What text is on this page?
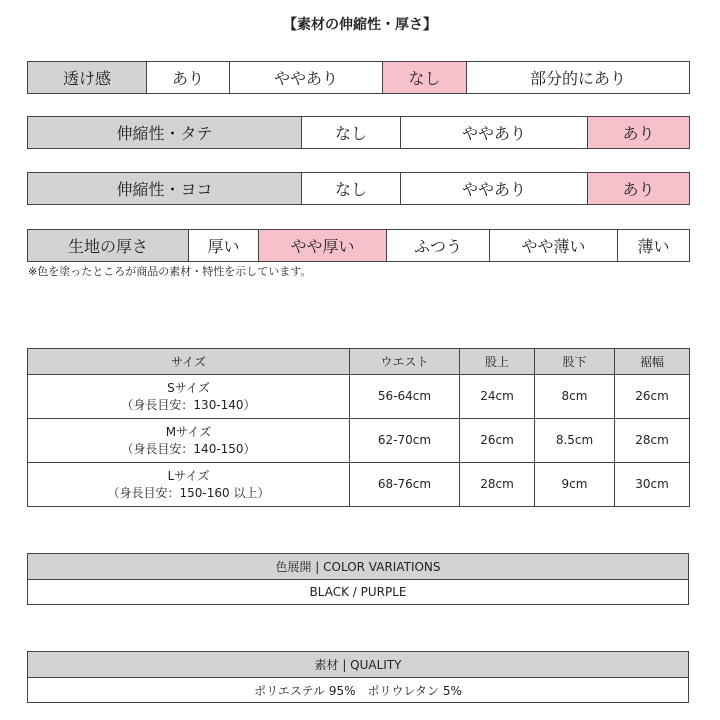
【素材の伸縮性・厚さ】
透け感	あり	ややあり	なし	部分的にあり
伸縮性・タテ	なし	ややあり	あり
伸縮性・ヨコ	なし	ややあり	あり
生地の厚さ	厚い	やや厚い	ふつう	やや薄い	薄い
※色を塗ったところが商品の素材・特性を示しています。
サイズ	ウエスト	股上	股下	裾幅

Sサイズ
（身長目安：130-140）	56-64cm	24cm	8cm	26cm

Mサイズ
（身長目安：140-150）	62-70cm	26cm	8.5cm	28cm

Lサイズ
（身長目安：150-160 以上）	68-76cm	28cm	9cm	30cm
色展開 | COLOR VARIATIONS
BLACK / PURPLE
素材 | QUALITY
ポリエステル 95%　ポリウレタン 5%
